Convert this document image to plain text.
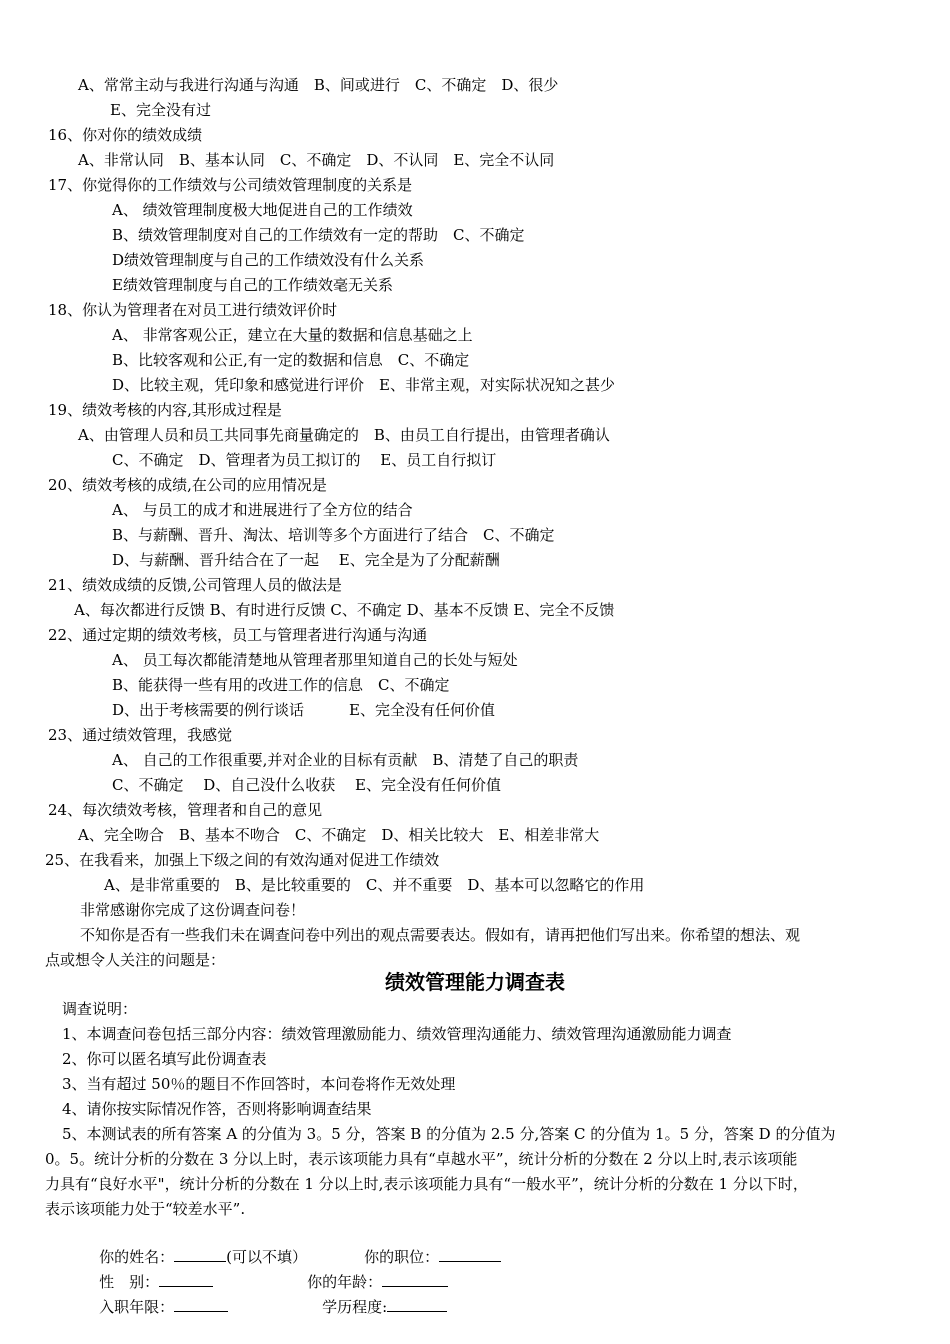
A、常常主动与我进行沟通与沟通　B、间或进行　C、不确定　D、很少
E、完全没有过
16、你对你的绩效成绩
A、非常认同　B、基本认同　C、不确定　D、不认同　E、完全不认同
17、你觉得你的工作绩效与公司绩效管理制度的关系是
A、 绩效管理制度极大地促进自己的工作绩效
B、绩效管理制度对自己的工作绩效有一定的帮助　C、不确定
D绩效管理制度与自己的工作绩效没有什么关系
E绩效管理制度与自己的工作绩效毫无关系
18、你认为管理者在对员工进行绩效评价时
A、 非常客观公正，建立在大量的数据和信息基础之上
B、比较客观和公正,有一定的数据和信息　C、不确定
D、比较主观，凭印象和感觉进行评价　E、非常主观，对实际状况知之甚少
19、绩效考核的内容,其形成过程是
A、由管理人员和员工共同事先商量确定的　B、由员工自行提出，由管理者确认
C、不确定　D、管理者为员工拟订的　 E、员工自行拟订
20、绩效考核的成绩,在公司的应用情况是
A、 与员工的成才和进展进行了全方位的结合
B、与薪酬、晋升、淘汰、培训等多个方面进行了结合　C、不确定
D、与薪酬、晋升结合在了一起　 E、完全是为了分配薪酬
21、绩效成绩的反馈,公司管理人员的做法是
A、每次都进行反馈 B、有时进行反馈 C、不确定 D、基本不反馈 E、完全不反馈
22、通过定期的绩效考核，员工与管理者进行沟通与沟通
A、 员工每次都能清楚地从管理者那里知道自己的长处与短处
B、能获得一些有用的改进工作的信息　C、不确定
D、出于考核需要的例行谈话　　　E、完全没有任何价值
23、通过绩效管理，我感觉
A、 自己的工作很重要,并对企业的目标有贡献　B、清楚了自己的职责
C、不确定　 D、自己没什么收获　 E、完全没有任何价值
24、每次绩效考核，管理者和自己的意见
A、完全吻合　B、基本不吻合　C、不确定　D、相关比较大　E、相差非常大
25、在我看来，加强上下级之间的有效沟通对促进工作绩效
A、是非常重要的　B、是比较重要的　C、并不重要　D、基本可以忽略它的作用
非常感谢你完成了这份调查问卷！
不知你是否有一些我们未在调查问卷中列出的观点需要表达。假如有，请再把他们写出来。你希望的想法、观
点或想令人关注的问题是：
绩效管理能力调查表
调查说明：
1、本调查问卷包括三部分内容：绩效管理激励能力、绩效管理沟通能力、绩效管理沟通激励能力调查
2、你可以匿名填写此份调查表
3、当有超过 50％的题目不作回答时，本问卷将作无效处理
4、请你按实际情况作答，否则将影响调查结果
5、本测试表的所有答案 A 的分值为 3。5 分，答案 B 的分值为 2.5 分,答案 C 的分值为 1。5 分，答案 D 的分值为
0。5。统计分析的分数在 3 分以上时，表示该项能力具有“卓越水平”，统计分析的分数在 2 分以上时,表示该项能
力具有“良好水平"，统计分析的分数在 1 分以上时,表示该项能力具有“一般水平”，统计分析的分数在 1 分以下时，
表示该项能力处于“较差水平”.

你的姓名：	(可以不填）
	你的职位：

性　别：
	你的年龄：

入职年限：
	学历程度:
